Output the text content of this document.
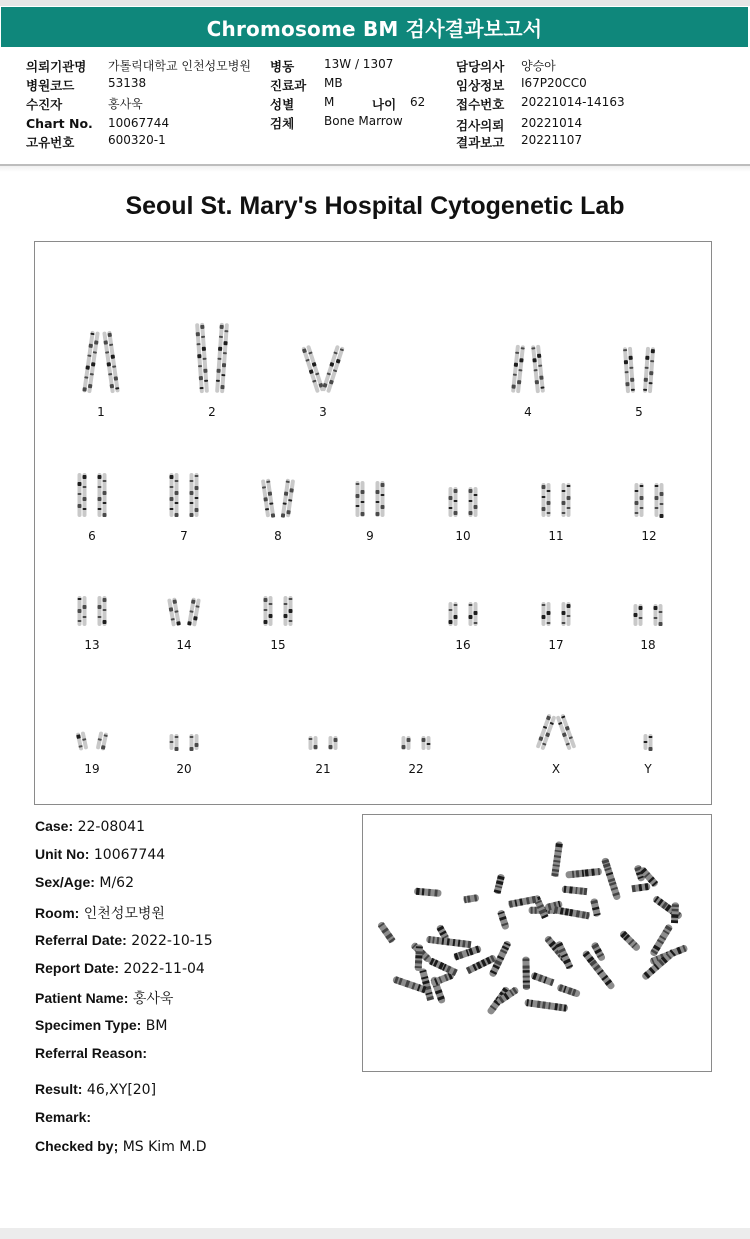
Chromosome BM 검사결과보고서
의뢰기관명 가톨릭대학교 인천성모병원
병원코드	53138
수진자	홍사욱
Chart No. 10067744
고유번호	600320-1
병동 13W / 1307
진료과 MB
성별 M	나이 62
검체 Bone Marrow
담당의사 양승아
임상정보 I67P20CC0
접수번호 20221014-14163
검사의뢰 20221014
결과보고 20221107
Seoul St. Mary's Hospital Cytogenetic Lab
1	2	3	4	5
6	7	8	9	10	11	12
13	14	15	16	17	18
19	20	21	22	X	Y
Case: 22-08041
Unit No: 10067744
Sex/Age: M/62
Room: 인천성모병원
Referral Date: 2022-10-15
Report Date: 2022-11-04
Patient Name: 홍사욱
Specimen Type: BM
Referral Reason:
Result: 46,XY[20]
Remark:
Checked by; MS Kim M.D
